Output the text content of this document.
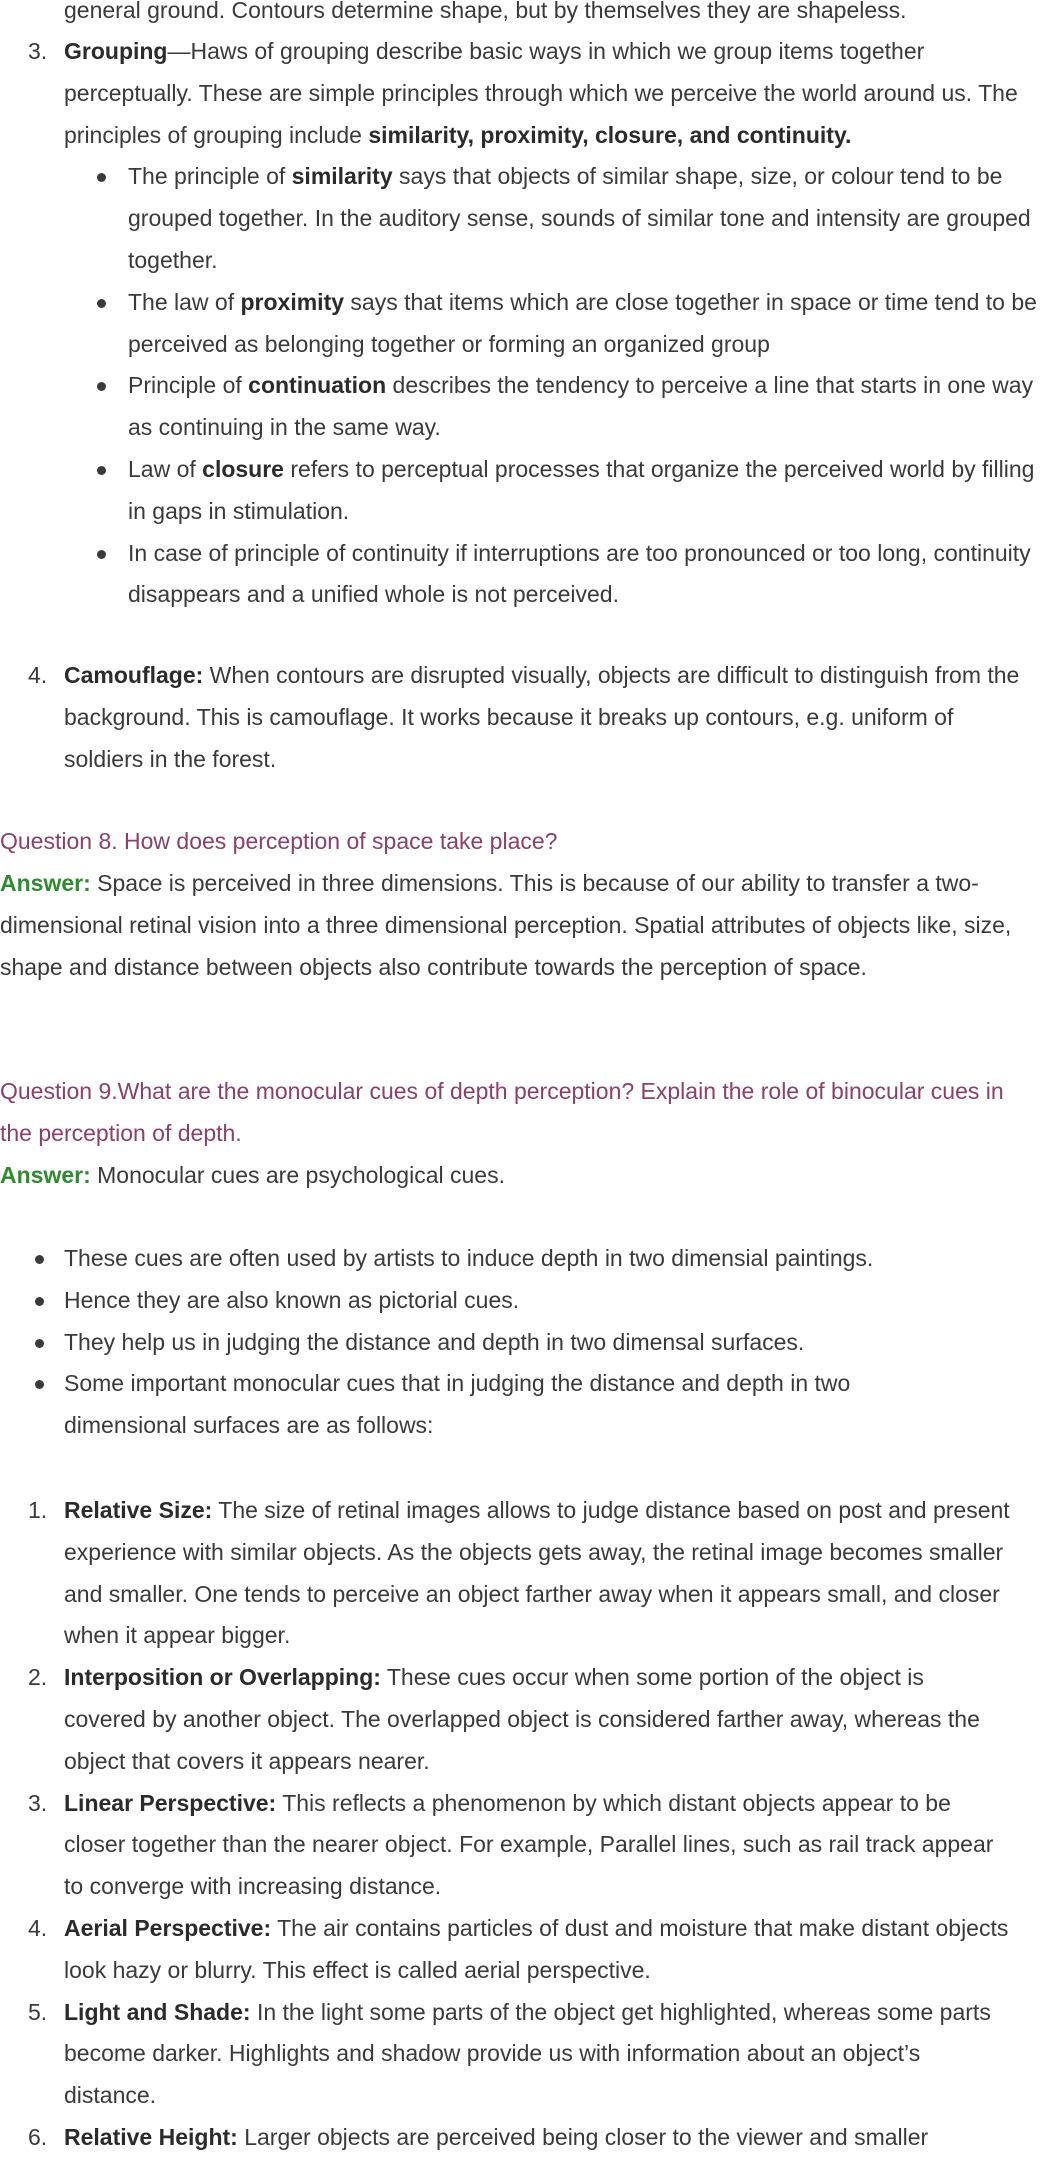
general ground. Contours determine shape, but by themselves they are shapeless.
3. Grouping—Haws of grouping describe basic ways in which we group items together perceptually. These are simple principles through which we perceive the world around us. The principles of grouping include similarity, proximity, closure, and continuity.
The principle of similarity says that objects of similar shape, size, or colour tend to be grouped together. In the auditory sense, sounds of similar tone and intensity are grouped together.
The law of proximity says that items which are close together in space or time tend to be perceived as belonging together or forming an organized group
Principle of continuation describes the tendency to perceive a line that starts in one way as continuing in the same way.
Law of closure refers to perceptual processes that organize the perceived world by filling in gaps in stimulation.
In case of principle of continuity if interruptions are too pronounced or too long, continuity disappears and a unified whole is not perceived.
4. Camouflage: When contours are disrupted visually, objects are difficult to distinguish from the background. This is camouflage. It works because it breaks up contours, e.g. uniform of soldiers in the forest.
Question 8. How does perception of space take place?
Answer: Space is perceived in three dimensions. This is because of our ability to transfer a two-dimensional retinal vision into a three dimensional perception. Spatial attributes of objects like, size, shape and distance between objects also contribute towards the perception of space.
Question 9.What are the monocular cues of depth perception? Explain the role of binocular cues in the perception of depth.
Answer: Monocular cues are psychological cues.
These cues are often used by artists to induce depth in two dimensial paintings.
Hence they are also known as pictorial cues.
They help us in judging the distance and depth in two dimensal surfaces.
Some important monocular cues that in judging the distance and depth in two dimensional surfaces are as follows:
1. Relative Size: The size of retinal images allows to judge distance based on post and present experience with similar objects. As the objects gets away, the retinal image becomes smaller and smaller. One tends to perceive an object farther away when it appears small, and closer when it appear bigger.
2. Interposition or Overlapping: These cues occur when some portion of the object is covered by another object. The overlapped object is considered farther away, whereas the object that covers it appears nearer.
3. Linear Perspective: This reflects a phenomenon by which distant objects appear to be closer together than the nearer object. For example, Parallel lines, such as rail track appear to converge with increasing distance.
4. Aerial Perspective: The air contains particles of dust and moisture that make distant objects look hazy or blurry. This effect is called aerial perspective.
5. Light and Shade: In the light some parts of the object get highlighted, whereas some parts become darker. Highlights and shadow provide us with information about an object’s distance.
6. Relative Height: Larger objects are perceived being closer to the viewer and smaller
